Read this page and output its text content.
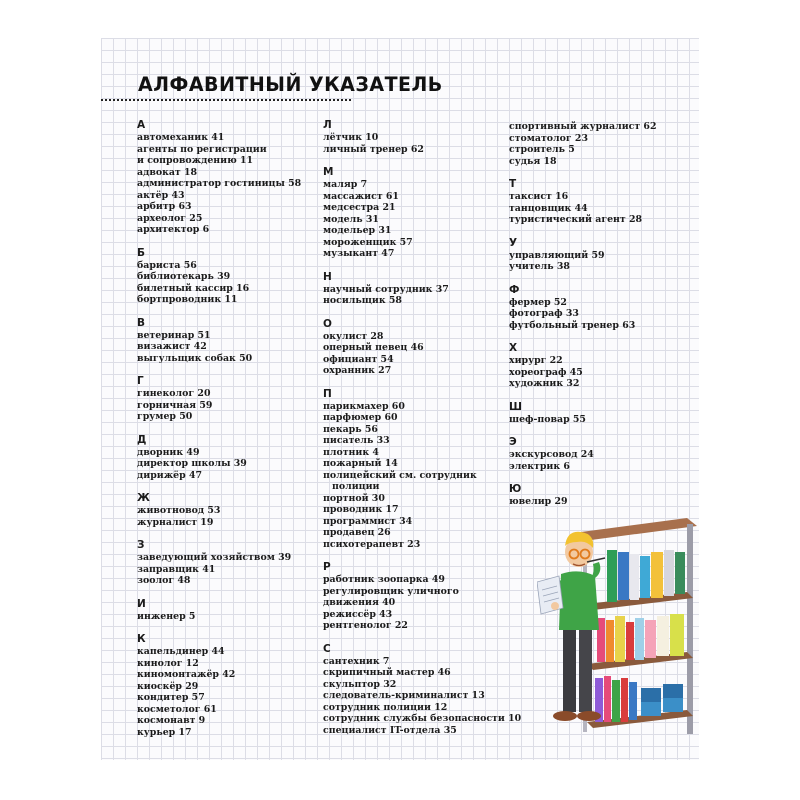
АЛФАВИТНЫЙ УКАЗАТЕЛЬ
А
автомеханик 41
агенты по регистрации
и сопровождению 11
адвокат 18
администратор гостиницы 58
актёр 43
арбитр 63
археолог 25
архитектор 6
Б
бариста 56
библиотекарь 39
билетный кассир 16
бортпроводник 11
В
ветеринар 51
визажист 42
выгульщик собак 50
Г
гинеколог 20
горничная 59
грумер 50
Д
дворник 49
директор школы 39
дирижёр 47
Ж
животновод 53
журналист 19
З
заведующий хозяйством 39
заправщик 41
зоолог 48
И
инженер 5
К
капельдинер 44
кинолог 12
киномонтажёр 42
киоскёр 29
кондитер 57
косметолог 61
космонавт 9
курьер 17
Л
лётчик 10
личный тренер 62
М
маляр 7
массажист 61
медсестра 21
модель 31
модельер 31
мороженщик 57
музыкант 47
Н
научный сотрудник 37
носильщик 58
О
окулист 28
оперный певец 46
официант 54
охранник 27
П
парикмахер 60
парфюмер 60
пекарь 56
писатель 33
плотник 4
пожарный 14
полицейский см. сотрудник
полиции
портной 30
проводник 17
программист 34
продавец 26
психотерапевт 23
Р
работник зоопарка 49
регулировщик уличного
движения 40
режиссёр 43
рентгенолог 22
С
сантехник 7
скрипичный мастер 46
скульптор 32
следователь-криминалист 13
сотрудник полиции 12
сотрудник службы безопасности 10
специалист IT-отдела 35
спортивный журналист 62
стоматолог 23
строитель 5
судья 18
Т
таксист 16
танцовщик 44
туристический агент 28
У
управляющий 59
учитель 38
Ф
фермер 52
фотограф 33
футбольный тренер 63
Х
хирург 22
хореограф 45
художник 32
Ш
шеф-повар 55
Э
экскурсовод 24
электрик 6
Ю
ювелир 29
